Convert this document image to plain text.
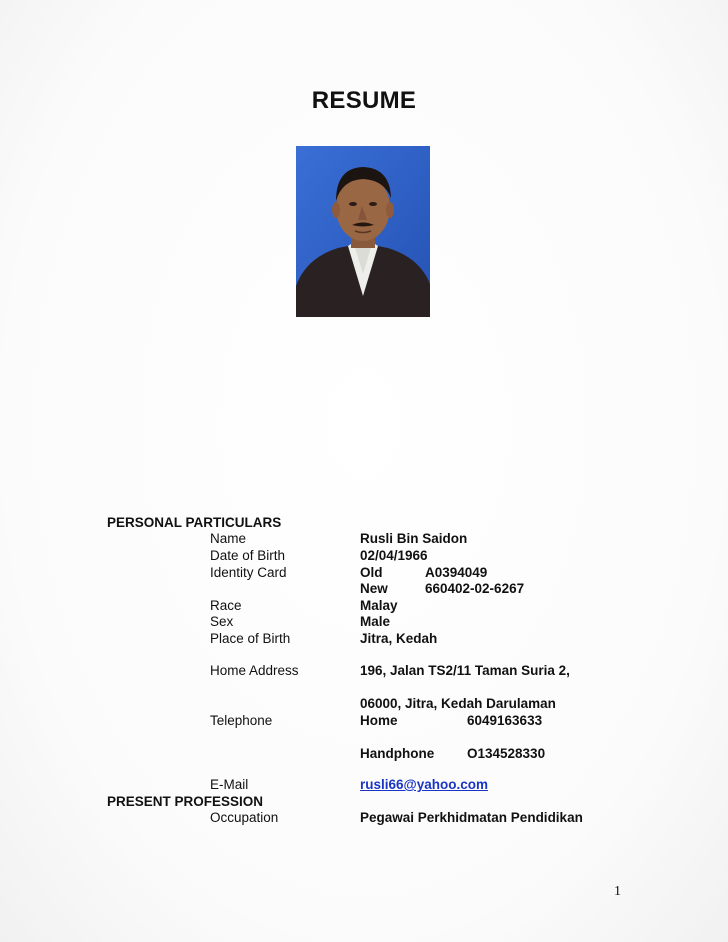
RESUME
PERSONAL PARTICULARS
Name	Rusli Bin Saidon
Date of Birth	02/04/1966
Identity Card	Old	A0394049
New	660402-02-6267
Race	Malay
Sex	Male
Place of Birth	Jitra, Kedah
Home Address	196, Jalan TS2/11 Taman Suria 2,
06000, Jitra, Kedah Darulaman
Telephone	Home	6049163633
Handphone O134528330
E-Mail	rusli66@yahoo.com
PRESENT PROFESSION
Occupation	Pegawai Perkhidmatan Pendidikan
1
